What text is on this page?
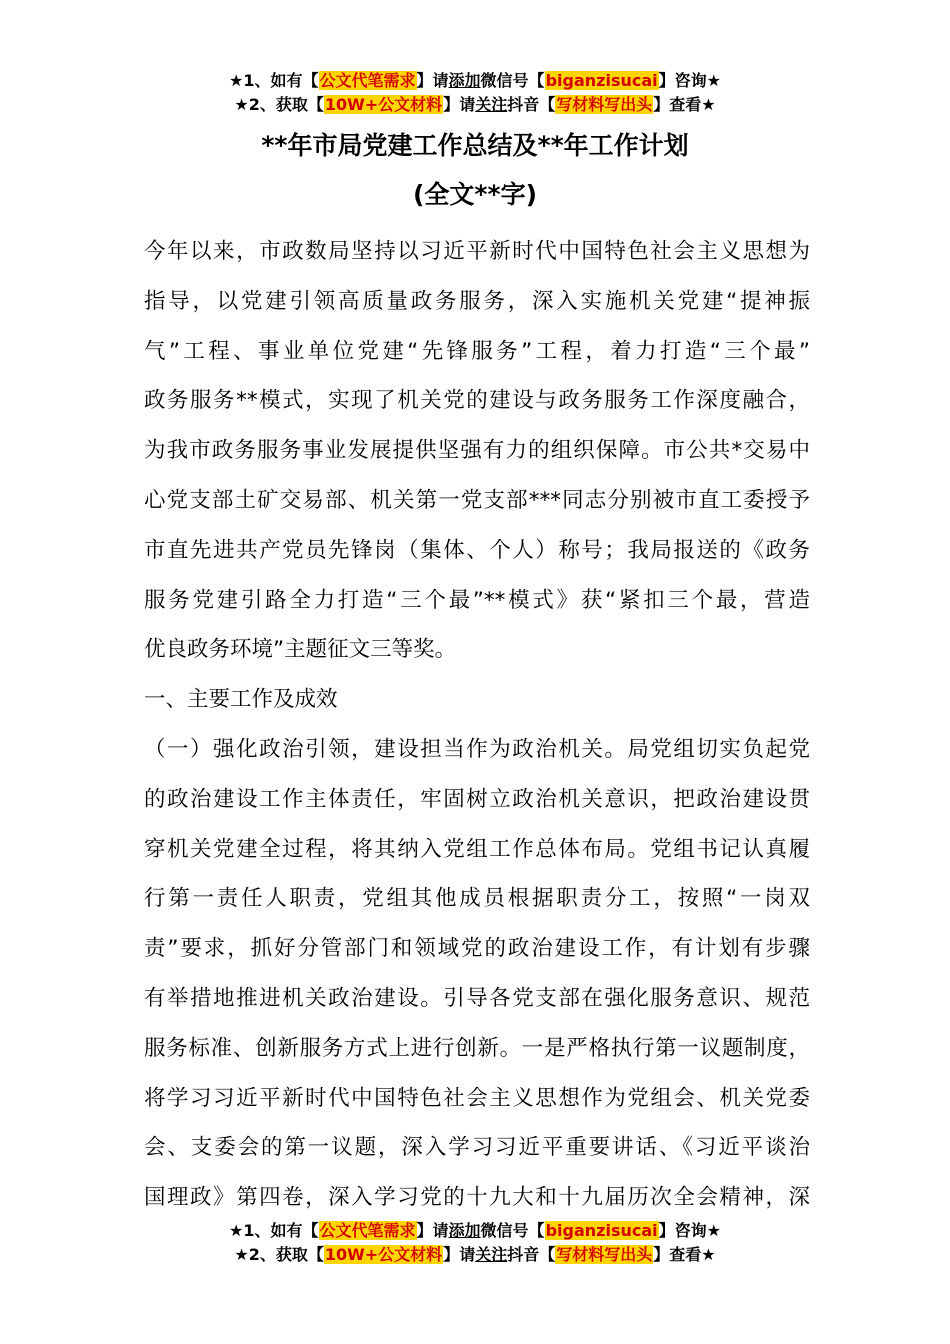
★1、如有【公文代笔需求】请添加微信号【biganzisucai】咨询★
★2、获取【10W+公文材料】请关注抖音【写材料写出头】查看★
**年市局党建工作总结及**年工作计划
(全文**字)
今年以来，市政数局坚持以习近平新时代中国特色社会主义思想为
指导，以党建引领高质量政务服务，深入实施机关党建“提神振
气”工程、事业单位党建“先锋服务”工程，着力打造“三个最”
政务服务**模式，实现了机关党的建设与政务服务工作深度融合，
为我市政务服务事业发展提供坚强有力的组织保障。市公共*交易中
心党支部土矿交易部、机关第一党支部***同志分别被市直工委授予
市直先进共产党员先锋岗（集体、个人）称号；我局报送的《政务
服务党建引路全力打造“三个最”**模式》获“紧扣三个最，营造
优良政务环境”主题征文三等奖。
一、主要工作及成效
（一）强化政治引领，建设担当作为政治机关。局党组切实负起党
的政治建设工作主体责任，牢固树立政治机关意识，把政治建设贯
穿机关党建全过程，将其纳入党组工作总体布局。党组书记认真履
行第一责任人职责，党组其他成员根据职责分工，按照“一岗双
责”要求，抓好分管部门和领域党的政治建设工作，有计划有步骤
有举措地推进机关政治建设。引导各党支部在强化服务意识、规范
服务标准、创新服务方式上进行创新。一是严格执行第一议题制度，
将学习习近平新时代中国特色社会主义思想作为党组会、机关党委
会、支委会的第一议题，深入学习习近平重要讲话、《习近平谈治
国理政》第四卷，深入学习党的十九大和十九届历次全会精神，深
★1、如有【公文代笔需求】请添加微信号【biganzisucai】咨询★
★2、获取【10W+公文材料】请关注抖音【写材料写出头】查看★
